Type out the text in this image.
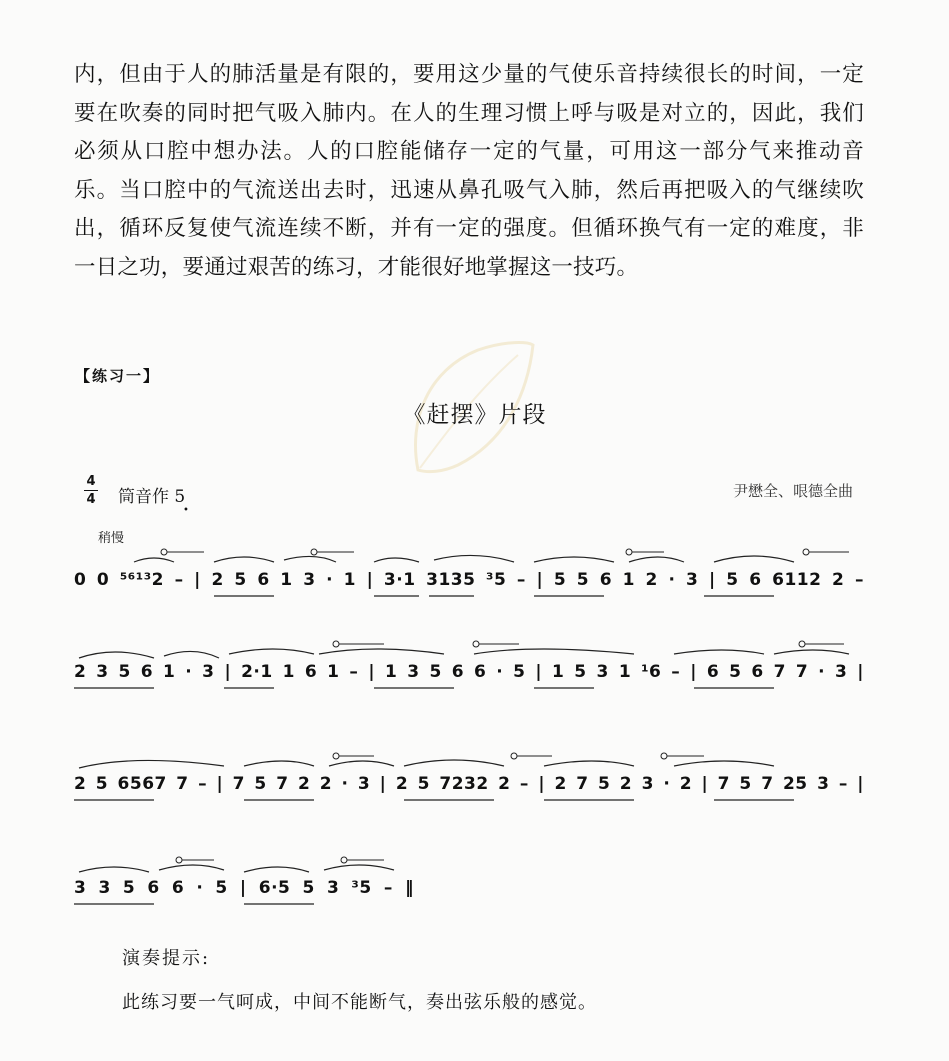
内，但由于人的肺活量是有限的，要用这少量的气使乐音持续很长的时间，一定
要在吹奏的同时把气吸入肺内。在人的生理习惯上呼与吸是对立的，因此，我们
必须从口腔中想办法。人的口腔能储存一定的气量，可用这一部分气来推动音
乐。当口腔中的气流送出去时，迅速从鼻孔吸气入肺，然后再把吸入的气继续吹
出，循环反复使气流连续不断，并有一定的强度。但循环换气有一定的难度，非
一日之功，要通过艰苦的练习，才能很好地掌握这一技巧。
【练习一】
《赶摆》片段
4
4 筒音作 5
•
尹懋全、哏德全曲
稍慢
0 0 ⁵⁶¹³2 – | 2 5 6 1 3 · 1 | 3·1 3135 ³5 – | 5 5 6 1 2 · 3 | 5 6 6112 2 –
2 3 5 6 1 · 3 | 2·1 1 6 1 – | 1 3 5 6 6 · 5 | 1 5 3 1 ¹6 – | 6 5 6 7 7 · 3 |
2 5 6567 7 – | 7 5 7 2 2 · 3 | 2 5 7232 2 – | 2 7 5 2 3 · 2 | 7 5 7 25 3 – |
3 3 5 6 6 · 5 | 6·5 5 3 ³5 – ‖
演奏提示:
此练习要一气呵成，中间不能断气，奏出弦乐般的感觉。
